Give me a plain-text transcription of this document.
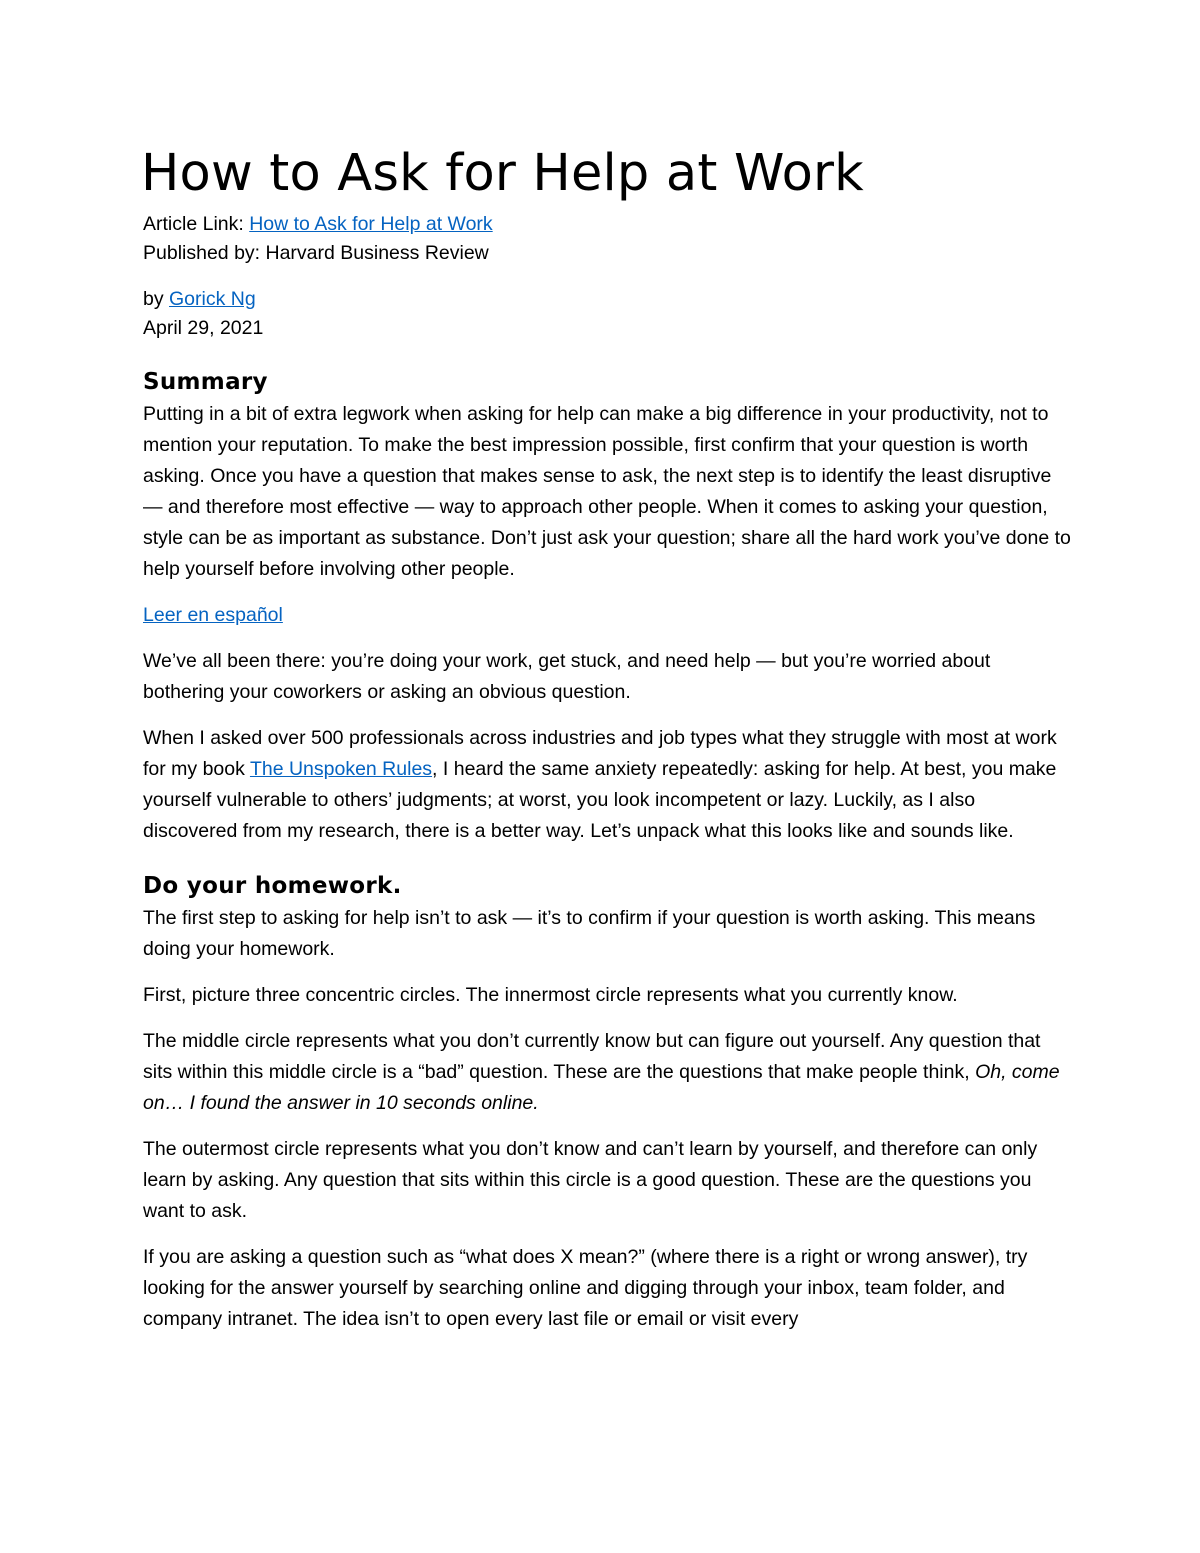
How to Ask for Help at Work

Article Link: How to Ask for Help at Work

Published by: Harvard Business Review

by Gorick Ng

April 29, 2021

Summary

Putting in a bit of extra legwork when asking for help can make a big difference in your productivity, not to mention your reputation. To make the best impression possible, first confirm that your question is worth asking. Once you have a question that makes sense to ask, the next step is to identify the least disruptive — and therefore most effective — way to approach other people. When it comes to asking your question, style can be as important as substance. Don’t just ask your question; share all the hard work you’ve done to help yourself before involving other people.

Leer en español

We’ve all been there: you’re doing your work, get stuck, and need help — but you’re worried about bothering your coworkers or asking an obvious question.

When I asked over 500 professionals across industries and job types what they struggle with most at work for my book The Unspoken Rules, I heard the same anxiety repeatedly: asking for help. At best, you make yourself vulnerable to others’ judgments; at worst, you look incompetent or lazy. Luckily, as I also discovered from my research, there is a better way. Let’s unpack what this looks like and sounds like.

Do your homework.

The first step to asking for help isn’t to ask — it’s to confirm if your question is worth asking. This means doing your homework.

First, picture three concentric circles. The innermost circle represents what you currently know.

The middle circle represents what you don’t currently know but can figure out yourself. Any question that sits within this middle circle is a “bad” question. These are the questions that make people think, Oh, come on… I found the answer in 10 seconds online.

The outermost circle represents what you don’t know and can’t learn by yourself, and therefore can only learn by asking. Any question that sits within this circle is a good question. These are the questions you want to ask.

If you are asking a question such as “what does X mean?” (where there is a right or wrong answer), try looking for the answer yourself by searching online and digging through your inbox, team folder, and company intranet. The idea isn’t to open every last file or email or visit every
